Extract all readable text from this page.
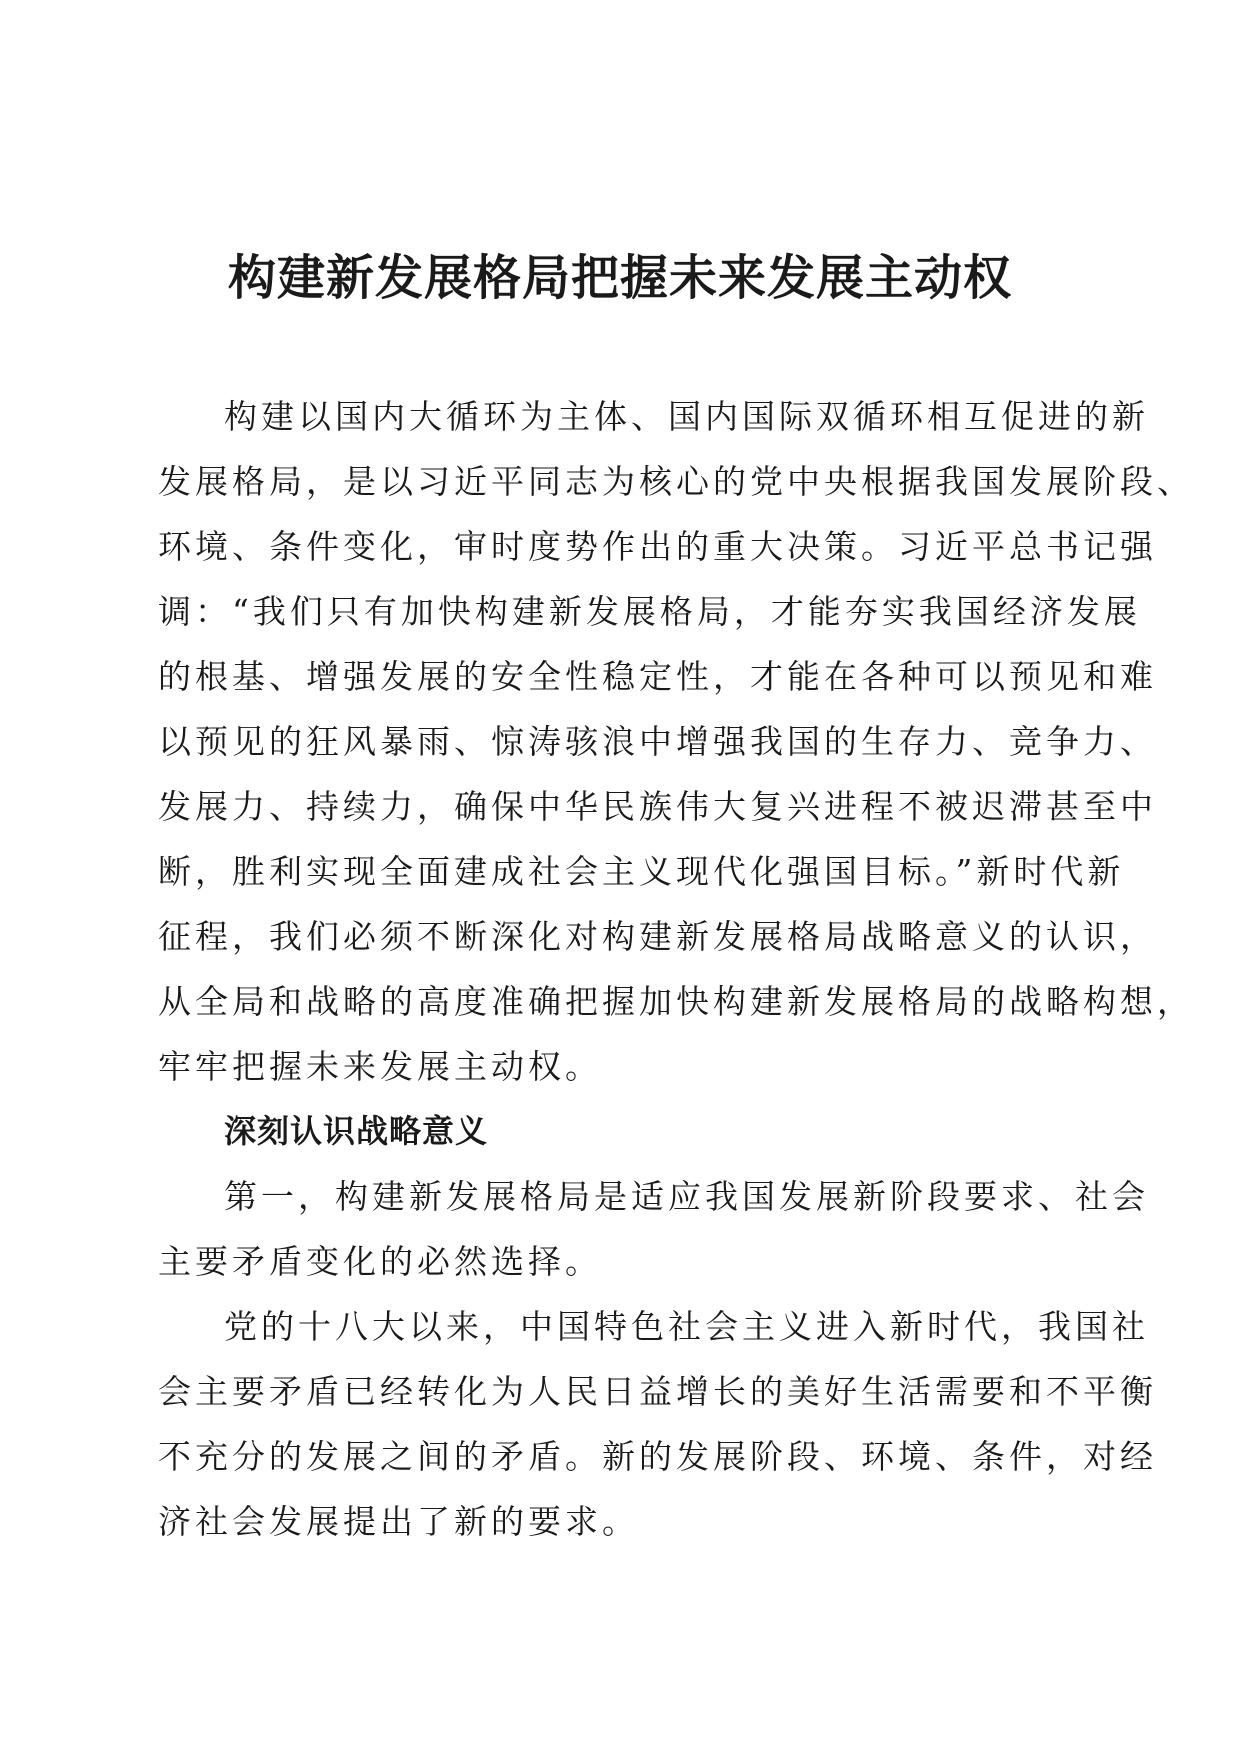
构建新发展格局把握未来发展主动权
构建以国内大循环为主体、国内国际双循环相互促进的新
发展格局，是以习近平同志为核心的党中央根据我国发展阶段、
环境、条件变化，审时度势作出的重大决策。习近平总书记强
调：“我们只有加快构建新发展格局，才能夯实我国经济发展
的根基、增强发展的安全性稳定性，才能在各种可以预见和难
以预见的狂风暴雨、惊涛骇浪中增强我国的生存力、竞争力、
发展力、持续力，确保中华民族伟大复兴进程不被迟滞甚至中
断，胜利实现全面建成社会主义现代化强国目标。”新时代新
征程，我们必须不断深化对构建新发展格局战略意义的认识，
从全局和战略的高度准确把握加快构建新发展格局的战略构想，
牢牢把握未来发展主动权。
深刻认识战略意义
第一，构建新发展格局是适应我国发展新阶段要求、社会
主要矛盾变化的必然选择。
党的十八大以来，中国特色社会主义进入新时代，我国社
会主要矛盾已经转化为人民日益增长的美好生活需要和不平衡
不充分的发展之间的矛盾。新的发展阶段、环境、条件，对经
济社会发展提出了新的要求。
